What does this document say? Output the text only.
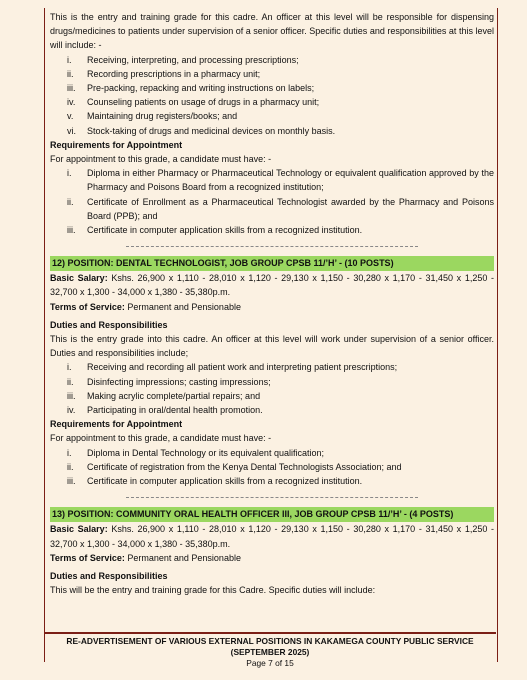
This is the entry and training grade for this cadre. An officer at this level will be responsible for dispensing drugs/medicines to patients under supervision of a senior officer. Specific duties and responsibilities at this level will include: -

i. Receiving, interpreting, and processing prescriptions;
ii. Recording prescriptions in a pharmacy unit;
iii. Pre-packing, repacking and writing instructions on labels;
iv. Counseling patients on usage of drugs in a pharmacy unit;
v. Maintaining drug registers/books; and
vi. Stock-taking of drugs and medicinal devices on monthly basis.
Requirements for Appointment

For appointment to this grade, a candidate must have: -

i. Diploma in either Pharmacy or Pharmaceutical Technology or equivalent qualification approved by the Pharmacy and Poisons Board from a recognized institution;
ii. Certificate of Enrollment as a Pharmaceutical Technologist awarded by the Pharmacy and Poisons Board (PPB); and
iii. Certificate in computer application skills from a recognized institution.
12) POSITION: DENTAL TECHNOLOGIST, JOB GROUP CPSB 11/’H’ - (10 POSTS)

Basic Salary: Kshs. 26,900 x 1,110 - 28,010 x 1,120 - 29,130 x 1,150 - 30,280 x 1,170 - 31,450 x 1,250 - 32,700 x 1,300 - 34,000 x 1,380 - 35,380p.m.

Terms of Service: Permanent and Pensionable

Duties and Responsibilities

This is the entry grade into this cadre. An officer at this level will work under supervision of a senior officer. Duties and responsibilities include;

i. Receiving and recording all patient work and interpreting patient prescriptions;
ii. Disinfecting impressions; casting impressions;
iii. Making acrylic complete/partial repairs; and
iv. Participating in oral/dental health promotion.
Requirements for Appointment

For appointment to this grade, a candidate must have: -

i. Diploma in Dental Technology or its equivalent qualification;
ii. Certificate of registration from the Kenya Dental Technologists Association; and
iii. Certificate in computer application skills from a recognized institution.
13) POSITION: COMMUNITY ORAL HEALTH OFFICER III, JOB GROUP CPSB 11/’H’ - (4 POSTS)

Basic Salary: Kshs. 26,900 x 1,110 - 28,010 x 1,120 - 29,130 x 1,150 - 30,280 x 1,170 - 31,450 x 1,250 - 32,700 x 1,300 - 34,000 x 1,380 - 35,380p.m.

Terms of Service: Permanent and Pensionable

Duties and Responsibilities

This will be the entry and training grade for this Cadre. Specific duties will include:

RE-ADVERTISEMENT OF VARIOUS EXTERNAL POSITIONS IN KAKAMEGA COUNTY PUBLIC SERVICE (SEPTEMBER 2025)
Page 7 of 15
